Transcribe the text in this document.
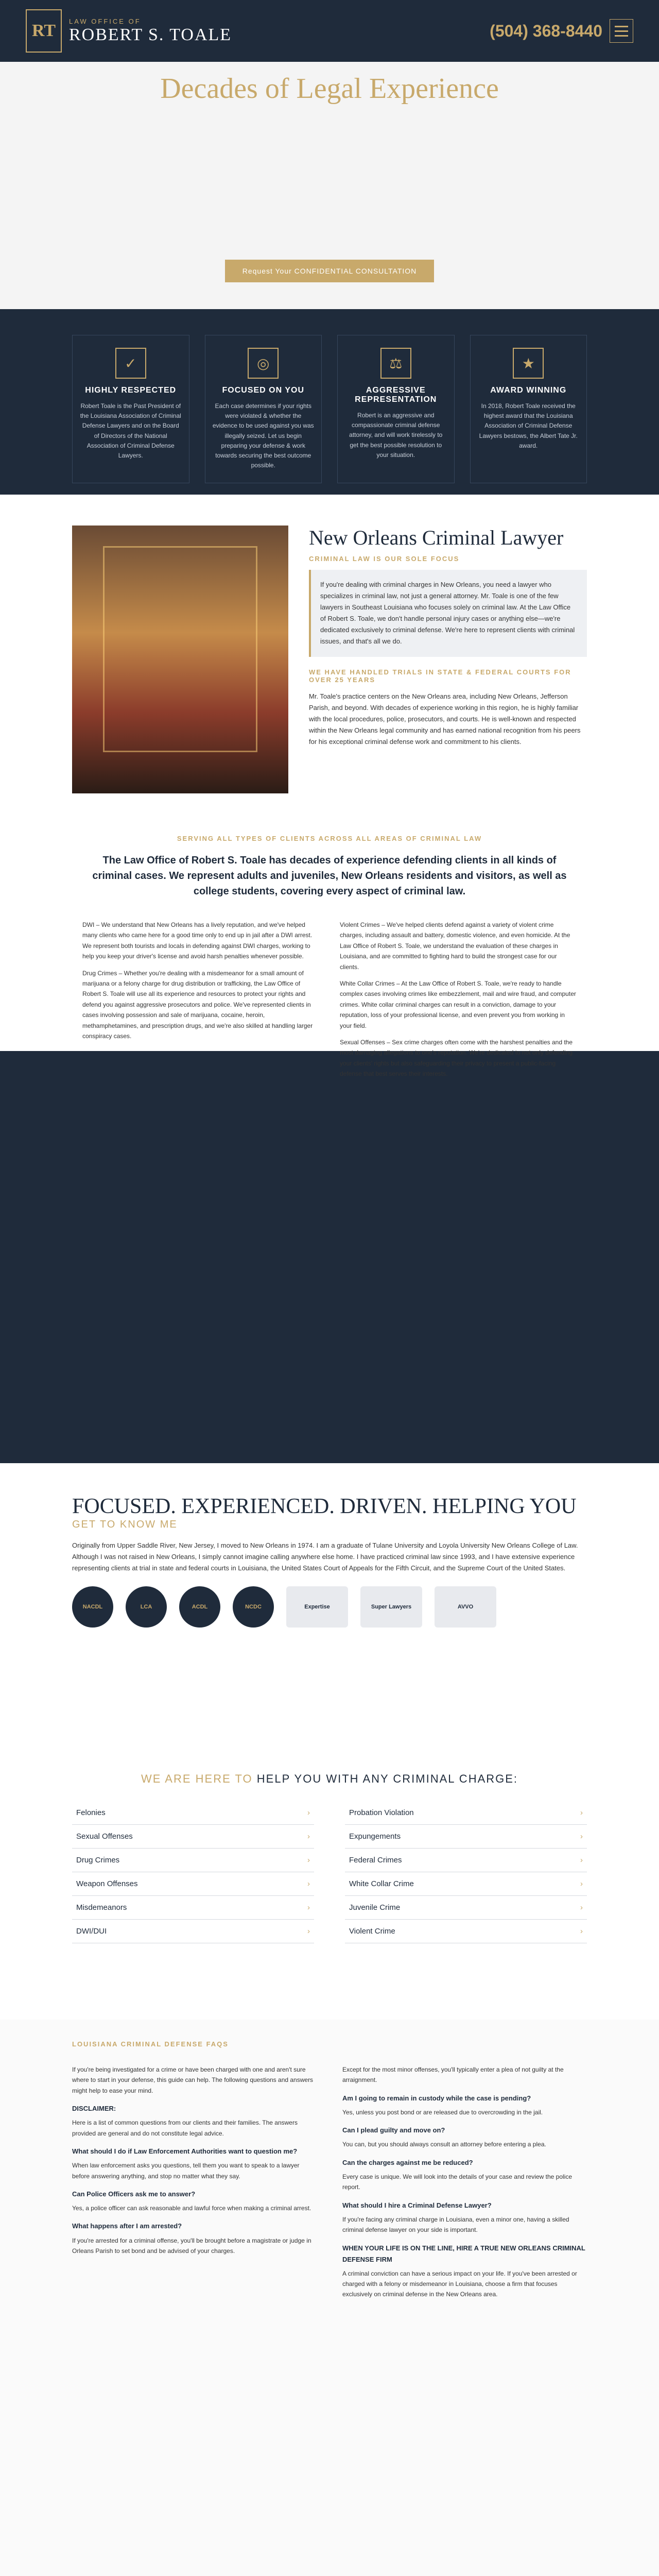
RT	LAW OFFICE OF
ROBERT S. TOALE	(504) 368-8440
Decades of Legal Experience
Request Your CONFIDENTIAL CONSULTATION
✓
HIGHLY RESPECTED

Robert Toale is the Past President of the Louisiana Association of Criminal Defense Lawyers and on the Board of Directors of the National Association of Criminal Defense Lawyers.

◎
FOCUSED ON YOU

Each case determines if your rights were violated & whether the evidence to be used against you was illegally seized. Let us begin preparing your defense & work towards securing the best outcome possible.

⚖
AGGRESSIVE REPRESENTATION

Robert is an aggressive and compassionate criminal defense attorney, and will work tirelessly to get the best possible resolution to your situation.

★
AWARD WINNING

In 2018, Robert Toale received the highest award that the Louisiana Association of Criminal Defense Lawyers bestows, the Albert Tate Jr. award.

New Orleans Criminal Lawyer
CRIMINAL LAW IS OUR SOLE FOCUS
If you're dealing with criminal charges in New Orleans, you need a lawyer who specializes in criminal law, not just a general attorney. Mr. Toale is one of the few lawyers in Southeast Louisiana who focuses solely on criminal law. At the Law Office of Robert S. Toale, we don't handle personal injury cases or anything else—we're dedicated exclusively to criminal defense. We're here to represent clients with criminal issues, and that's all we do.
WE HAVE HANDLED TRIALS IN STATE & FEDERAL COURTS FOR OVER 25 YEARS

Mr. Toale's practice centers on the New Orleans area, including New Orleans, Jefferson Parish, and beyond. With decades of experience working in this region, he is highly familiar with the local procedures, police, prosecutors, and courts. He is well-known and respected within the New Orleans legal community and has earned national recognition from his peers for his exceptional criminal defense work and commitment to his clients.

SERVING ALL TYPES OF CLIENTS ACROSS ALL AREAS OF CRIMINAL LAW
The Law Office of Robert S. Toale has decades of experience defending clients in all kinds of criminal cases. We represent adults and juveniles, New Orleans residents and visitors, as well as college students, covering every aspect of criminal law.

DWI – We understand that New Orleans has a lively reputation, and we've helped many clients who came here for a good time only to end up in jail after a DWI arrest. We represent both tourists and locals in defending against DWI charges, working to help you keep your driver's license and avoid harsh penalties whenever possible.

Drug Crimes – Whether you're dealing with a misdemeanor for a small amount of marijuana or a felony charge for drug distribution or trafficking, the Law Office of Robert S. Toale will use all its experience and resources to protect your rights and defend you against aggressive prosecutors and police. We've represented clients in cases involving possession and sale of marijuana, cocaine, heroin, methamphetamines, and prescription drugs, and we're also skilled at handling larger conspiracy cases.

Violent Crimes – We've helped clients defend against a variety of violent crime charges, including assault and battery, domestic violence, and even homicide. At the Law Office of Robert S. Toale, we understand the evaluation of these charges in Louisiana, and are committed to fighting hard to build the strongest case for our clients.

White Collar Crimes – At the Law Office of Robert S. Toale, we're ready to handle complex cases involving crimes like embezzlement, mail and wire fraud, and computer crimes. White collar criminal charges can result in a conviction, damage to your reputation, loss of your professional license, and even prevent you from working in your field.

Sexual Offenses – Sex crime charges often come with the harshest penalties and the most damaging allegations to one's reputation. We're dedicated to not only defending your clients' rights but also safeguarding their privacy to present a public-facing defense that best serves their interests.

FOCUSED. EXPERIENCED. DRIVEN. HELPING YOU
GET TO KNOW ME

Originally from Upper Saddle River, New Jersey, I moved to New Orleans in 1974. I am a graduate of Tulane University and Loyola University New Orleans College of Law. Although I was not raised in New Orleans, I simply cannot imagine calling anywhere else home. I have practiced criminal law since 1993, and I have extensive experience representing clients at trial in state and federal courts in Louisiana, the United States Court of Appeals for the Fifth Circuit, and the Supreme Court of the United States.

NACDL	LCA	ACDL	NCDC	Expertise	Super Lawyers	AVVO
WE ARE HERE TO HELP YOU WITH ANY CRIMINAL CHARGE:
Felonies	›
Sexual Offenses	›
Drug Crimes	›
Weapon Offenses	›
Misdemeanors	›
DWI/DUI	›
Probation Violation	›
Expungements	›
Federal Crimes	›
White Collar Crime	›
Juvenile Crime	›
Violent Crime	›
LOUISIANA CRIMINAL DEFENSE FAQS

If you're being investigated for a crime or have been charged with one and aren't sure where to start in your defense, this guide can help. The following questions and answers might help to ease your mind.

DISCLAIMER:

Here is a list of common questions from our clients and their families. The answers provided are general and do not constitute legal advice.

What should I do if Law Enforcement Authorities want to question me?

When law enforcement asks you questions, tell them you want to speak to a lawyer before answering anything, and stop no matter what they say.

Can Police Officers ask me to answer?

Yes, a police officer can ask reasonable and lawful force when making a criminal arrest.

What happens after I am arrested?

If you're arrested for a criminal offense, you'll be brought before a magistrate or judge in Orleans Parish to set bond and be advised of your charges.

Except for the most minor offenses, you'll typically enter a plea of not guilty at the arraignment.

Am I going to remain in custody while the case is pending?

Yes, unless you post bond or are released due to overcrowding in the jail.

Can I plead guilty and move on?

You can, but you should always consult an attorney before entering a plea.

Can the charges against me be reduced?

Every case is unique. We will look into the details of your case and review the police report.

What should I hire a Criminal Defense Lawyer?

If you're facing any criminal charge in Louisiana, even a minor one, having a skilled criminal defense lawyer on your side is important.

WHEN YOUR LIFE IS ON THE LINE, HIRE A TRUE NEW ORLEANS CRIMINAL DEFENSE FIRM

A criminal conviction can have a serious impact on your life. If you've been arrested or charged with a felony or misdemeanor in Louisiana, choose a firm that focuses exclusively on criminal defense in the New Orleans area.
